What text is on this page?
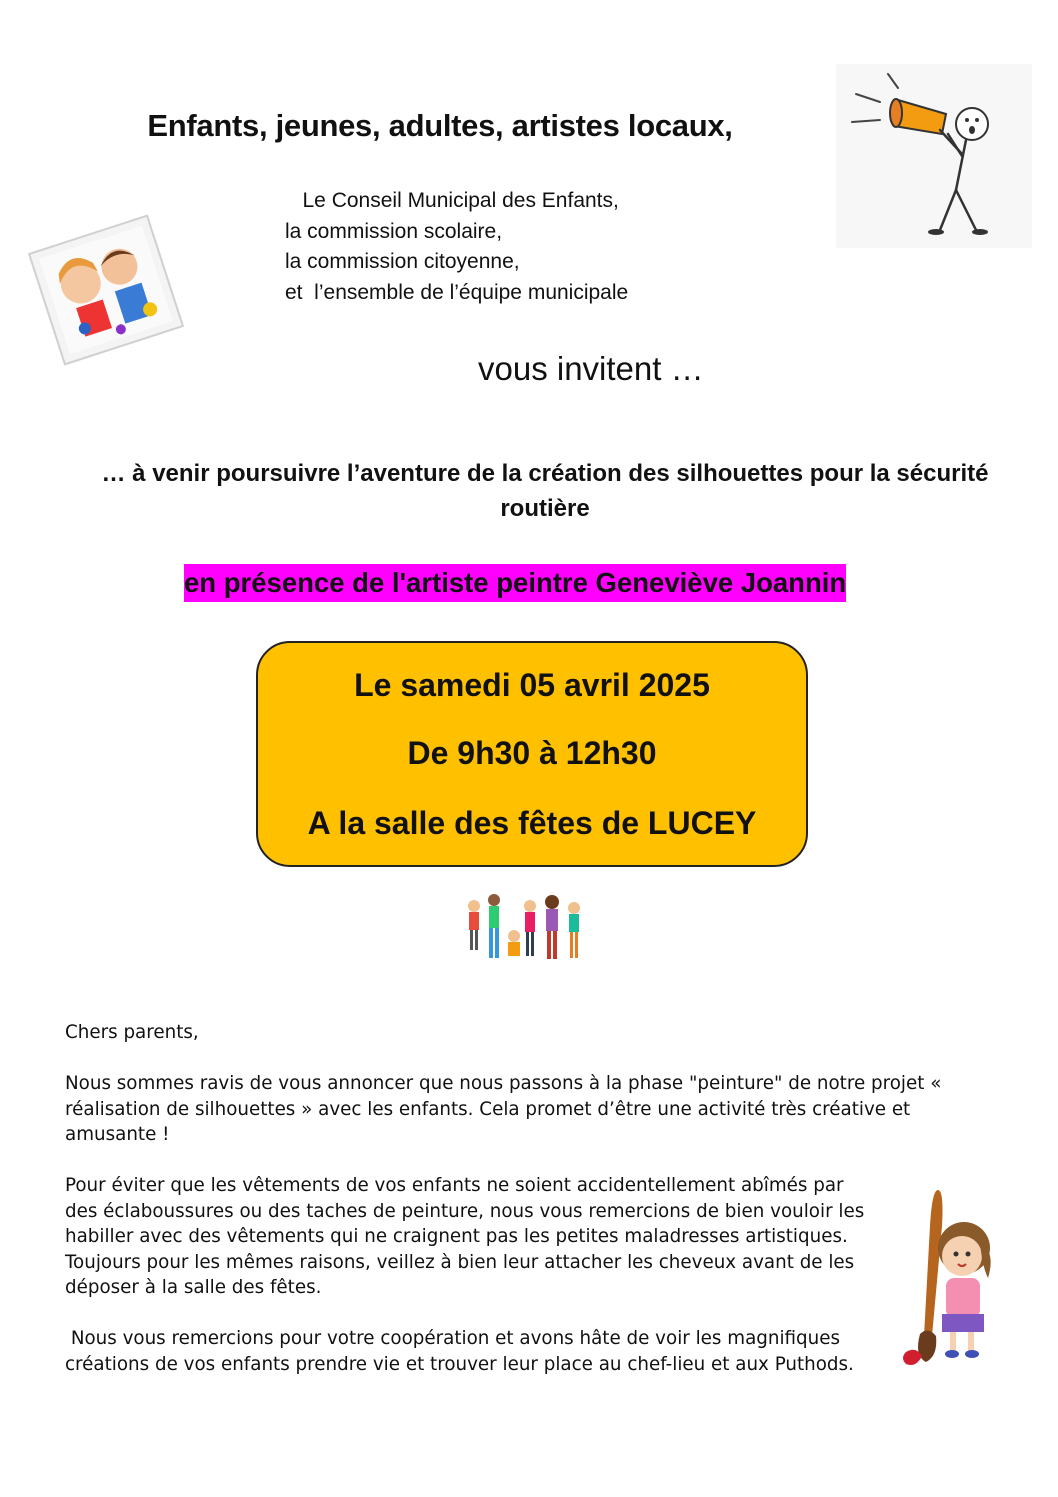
Enfants, jeunes, adultes, artistes locaux,
Le Conseil Municipal des Enfants,
la commission scolaire,
la commission citoyenne,
et  l’ensemble de l’équipe municipale
vous invitent …
… à venir poursuivre l’aventure de la création des silhouettes pour la sécurité routière
en présence de l'artiste peintre Geneviève Joannin
Le samedi 05 avril 2025
De 9h30 à 12h30
A la salle des fêtes de LUCEY

Chers parents,

Nous sommes ravis de vous annoncer que nous passons à la phase "peinture" de notre projet « réalisation de silhouettes » avec les enfants. Cela promet d’être une activité très créative et amusante !

Pour éviter que les vêtements de vos enfants ne soient accidentellement abîmés par des éclaboussures ou des taches de peinture, nous vous remercions de bien vouloir les habiller avec des vêtements qui ne craignent pas les petites maladresses artistiques. Toujours pour les mêmes raisons, veillez à bien leur attacher les cheveux avant de les déposer à la salle des fêtes.

Nous vous remercions pour votre coopération et avons hâte de voir les magnifiques créations de vos enfants prendre vie et trouver leur place au chef-lieu et aux Puthods.
